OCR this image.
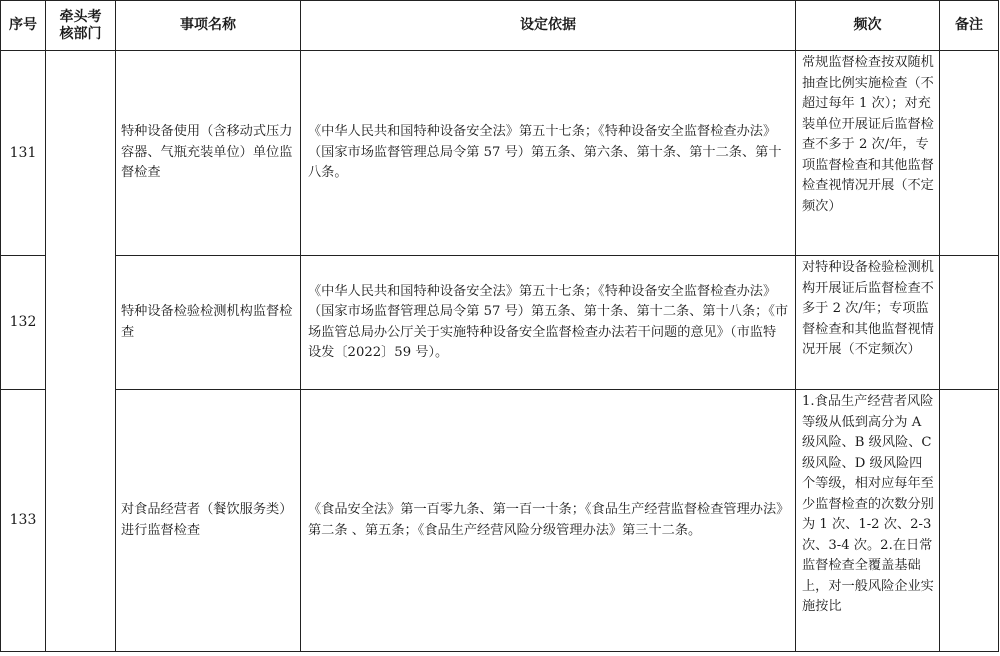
序号	牵头考核部门	事项名称	设定依据	频次	备注
131		特种设备使用（含移动式压力容器、气瓶充装单位）单位监督检查	《中华人民共和国特种设备安全法》第五十七条；《特种设备安全监督检查办法》（国家市场监督管理总局令第 57 号）第五条、第六条、第十条、第十二条、第十八条。	常规监督检查按双随机抽查比例实施检查（不超过每年 1 次）；对充装单位开展证后监督检查不多于 2 次/年，专项监督检查和其他监督检查视情况开展（不定频次）	

132		特种设备检验检测机构监督检查	《中华人民共和国特种设备安全法》第五十七条；《特种设备安全监督检查办法》（国家市场监督管理总局令第 57 号）第五条、第十条、第十二条、第十八条；《市场监管总局办公厅关于实施特种设备安全监督检查办法若干问题的意见》（市监特设发〔2022〕59 号）。	对特种设备检验检测机构开展证后监督检查不多于 2 次/年；专项监督检查和其他监督视情况开展（不定频次）	

133		对食品经营者（餐饮服务类）进行监督检查	《食品安全法》第一百零九条、第一百一十条；《食品生产经营监督检查管理办法》第二条 、第五条；《食品生产经营风险分级管理办法》第三十二条。	1.食品生产经营者风险等级从低到高分为 A 级风险、B 级风险、C 级风险、D 级风险四个等级，相对应每年至少监督检查的次数分别为 1 次、1-2 次、2-3 次、3-4 次。2.在日常监督检查全覆盖基础上，对一般风险企业实施按比	
